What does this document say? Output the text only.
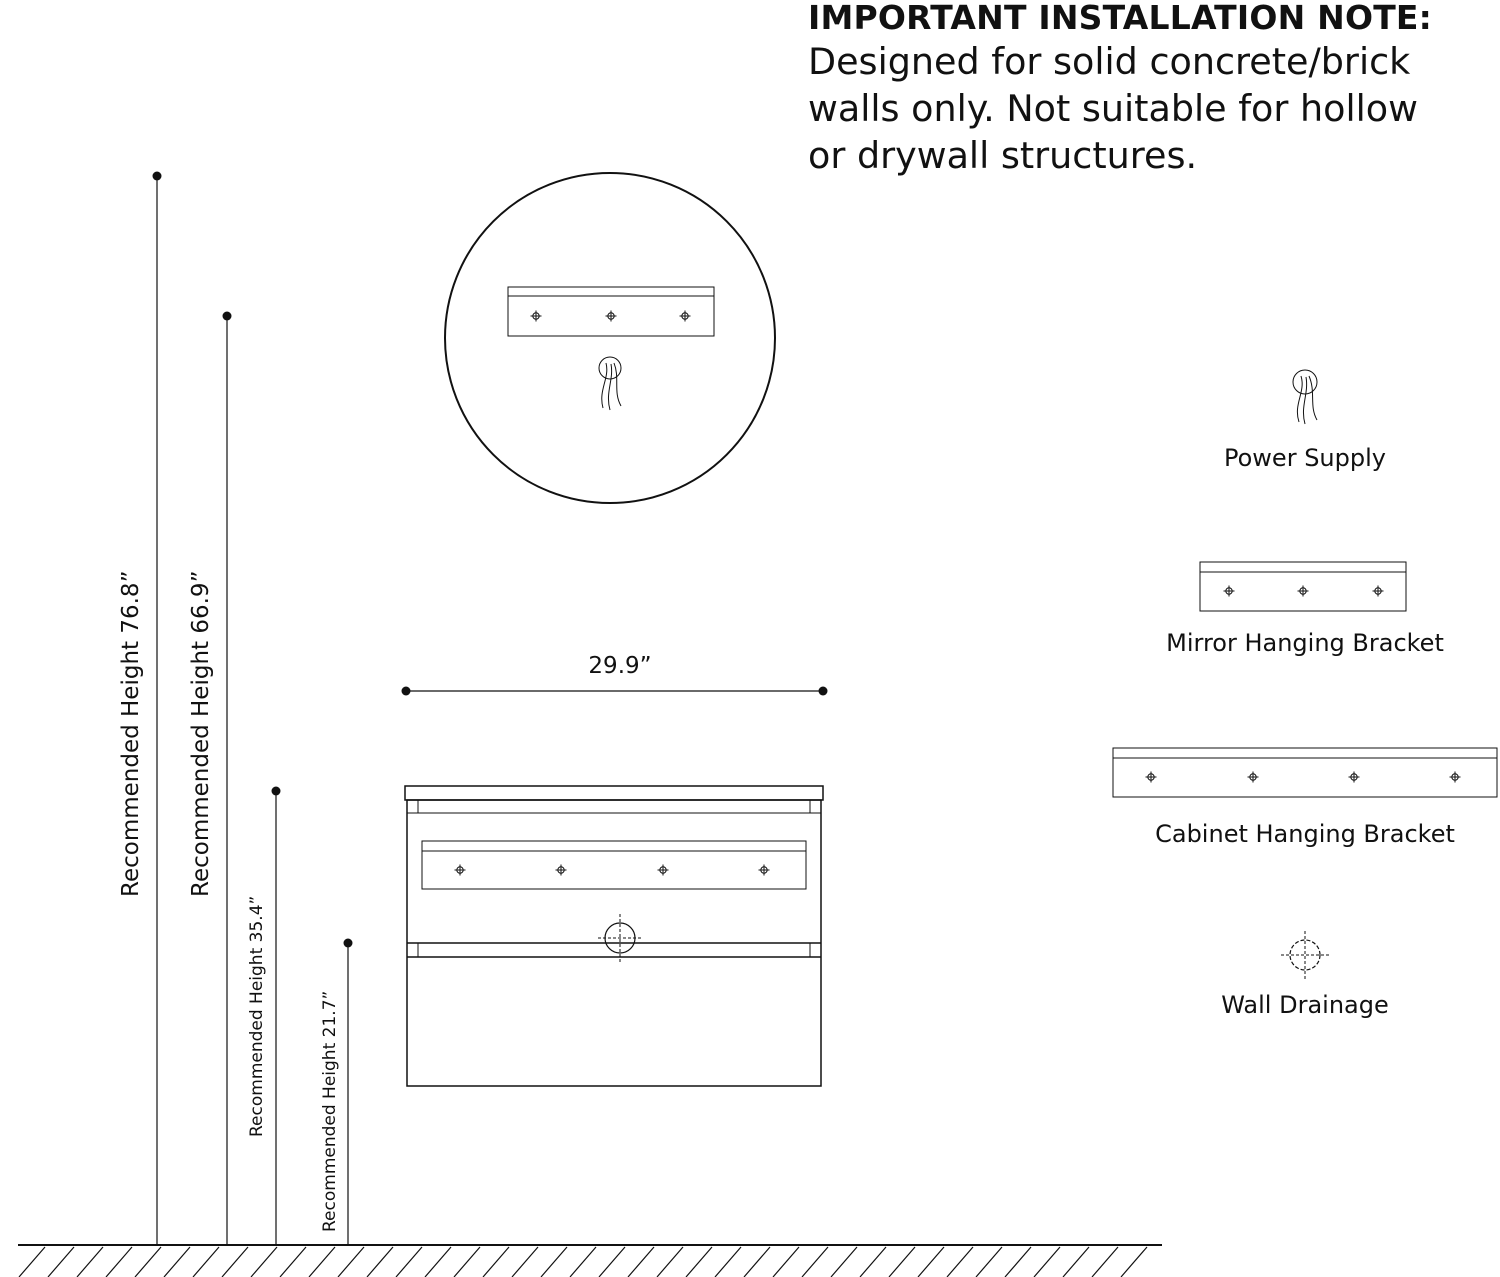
IMPORTANT INSTALLATION NOTE:
Designed for solid concrete/brick
walls only. Not suitable for hollow
or drywall structures.
Power Supply
Mirror Hanging Bracket
Cabinet Hanging Bracket
Wall Drainage
29.9”
Recommended Height 76.8” Recommended Height 66.9”
Recommended Height 35.4”	Recommended Height 21.7”
